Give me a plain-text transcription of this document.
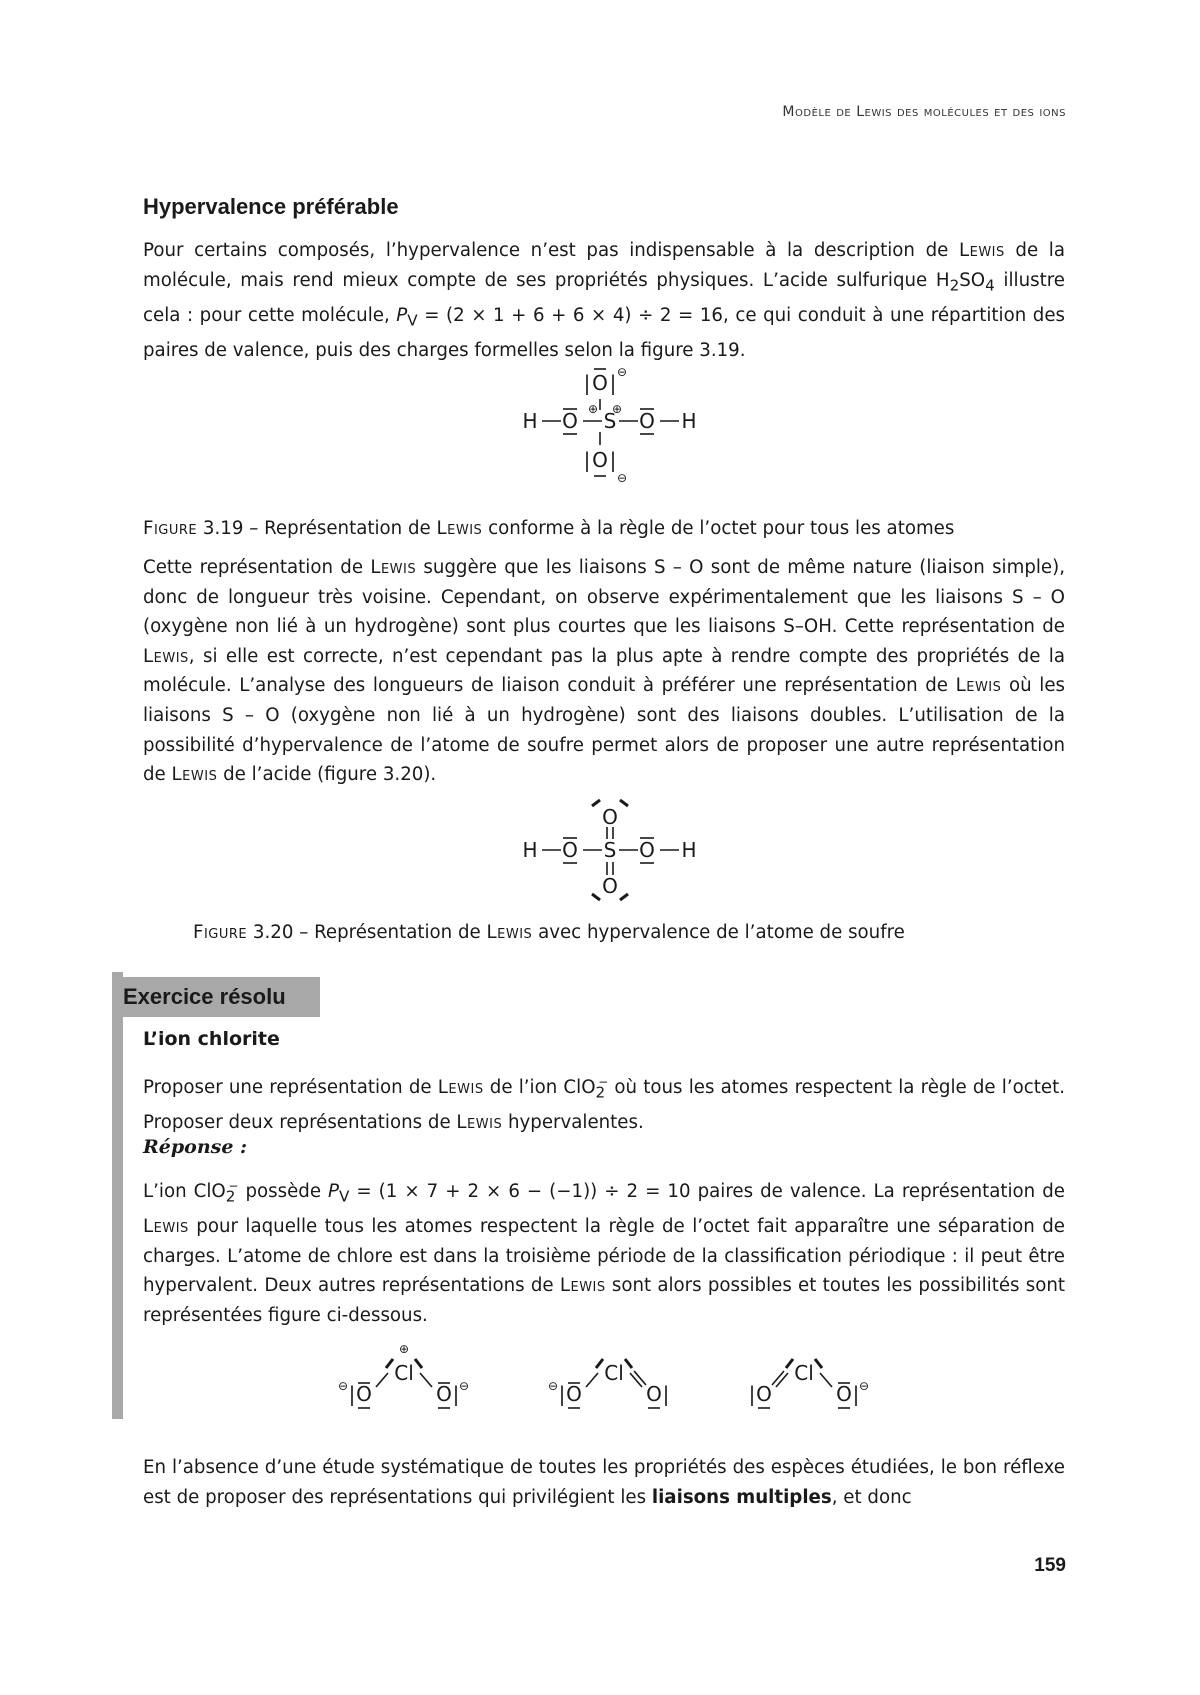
Modèle de Lewis des molécules et des ions
Hypervalence préférable

Pour certains composés, l’hypervalence n’est pas indispensable à la description de Lewis de la molécule, mais rend mieux compte de ses propriétés physiques. L’acide sulfurique $H_2SO_4$ illustre cela : pour cette molécule, $P_V = (2 \times 1 + 6 + 6 \times 4) \div 2 = 16$, ce qui conduit à une répartition des paires de valence, puis des charges formelles selon la figure 3.19.

H O S O H
O
O
| |
| |
⊖
⊕ ⊕
⊖

Figure 3.19 – Représentation de Lewis conforme à la règle de l’octet pour tous les atomes

Cette représentation de Lewis suggère que les liaisons S – O sont de même nature (liaison simple), donc de longueur très voisine. Cependant, on observe expérimentalement que les liaisons S – O (oxygène non lié à un hydrogène) sont plus courtes que les liaisons S–OH. Cette représentation de Lewis, si elle est correcte, n’est cependant pas la plus apte à rendre compte des propriétés de la molécule. L’analyse des longueurs de liaison conduit à préférer une représentation de Lewis où les liaisons S – O (oxygène non lié à un hydrogène) sont des liaisons doubles. L’utilisation de la possibilité d’hypervalence de l’atome de soufre permet alors de proposer une autre représentation de Lewis de l’acide (figure 3.20).

H O S O H
O
O

Figure 3.20 – Représentation de Lewis avec hypervalence de l’atome de soufre

Exercice résolu
L’ion chlorite

Proposer une représentation de Lewis de l’ion ClO$_2$− où tous les atomes respectent la règle de l’octet. Proposer deux représentations de Lewis hypervalentes.

Réponse :

L’ion ClO$_2$− possède $P_V = (1 \times 7 + 2 \times 6 - (-1)) \div 2 = 10$ paires de valence. La représentation de Lewis pour laquelle tous les atomes respectent la règle de l’octet fait apparaître une séparation de charges. L’atome de chlore est dans la troisième période de la classification périodique : il peut être hypervalent. Deux autres représentations de Lewis sont alors possibles et toutes les possibilités sont représentées figure ci-dessous.

Cl
O	O
|	|
⊕
⊖	⊖
Cl
O	O
|	|
⊖
Cl
O	O
|	| ⊖

En l’absence d’une étude systématique de toutes les propriétés des espèces étudiées, le bon réflexe est de proposer des représentations qui privilégient les liaisons multiples, et donc

159
